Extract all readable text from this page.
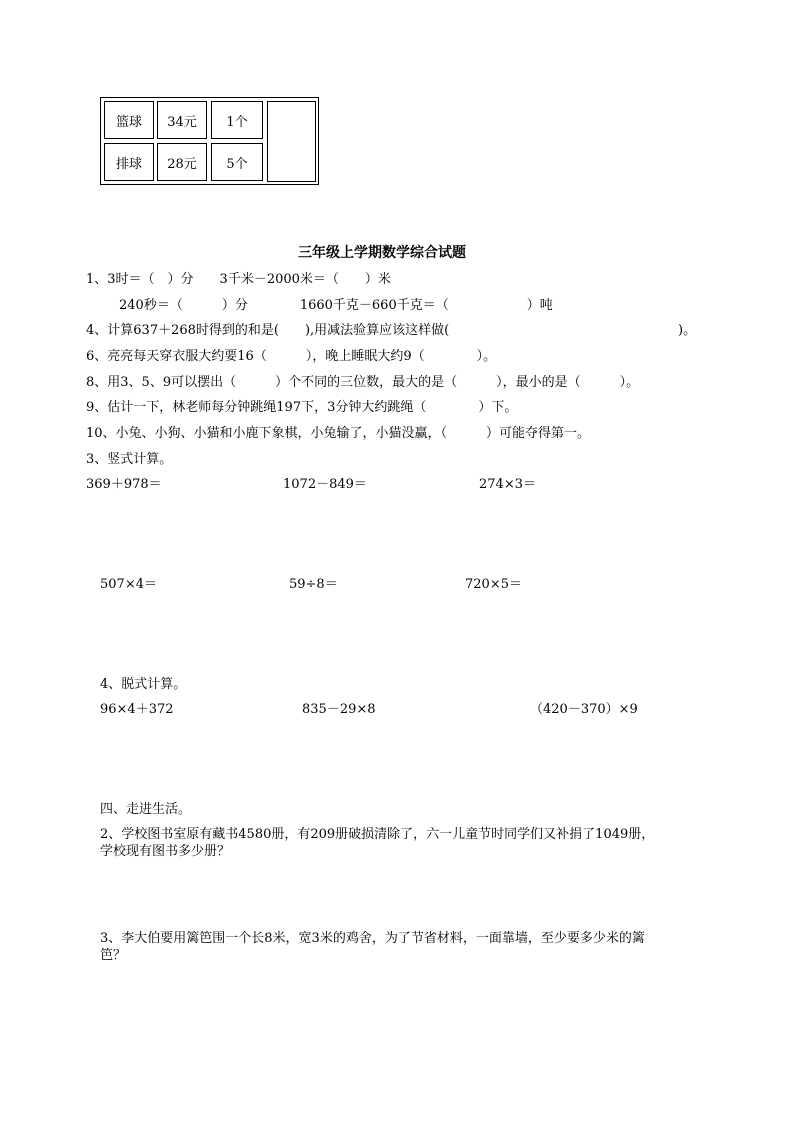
篮球	34元	1个
排球	28元	5个
三年级上学期数学综合试题
1、3时＝（　）分　　3千米－2000米＝（　　）米
240秒＝（　　　）分　　　　1660千克－660千克＝（　　　　　　）吨
4、计算637＋268时得到的和是(　　),用减法验算应该这样做(	)。
6、亮亮每天穿衣服大约要16（　　　），晚上睡眠大约9（　　　　）。
8、用3、5、9可以摆出（　　　）个不同的三位数，最大的是（　　　），最小的是（　　　）。
9、估计一下，林老师每分钟跳绳197下，3分钟大约跳绳（　　　　）下。
10、小兔、小狗、小猫和小鹿下象棋，小兔输了，小猫没赢，（　　　）可能夺得第一。
3、竖式计算。
369＋978＝	1072－849＝	274×3＝
507×4＝	59÷8＝	720×5＝
4、脱式计算。
96×4＋372	835－29×8	（420－370）×9
四、走进生活。
2、学校图书室原有藏书4580册，有209册破损清除了，六一儿童节时同学们又补捐了1049册，
学校现有图书多少册？
3、李大伯要用篱笆围一个长8米，宽3米的鸡舍，为了节省材料，一面靠墙，至少要多少米的篱
笆？
